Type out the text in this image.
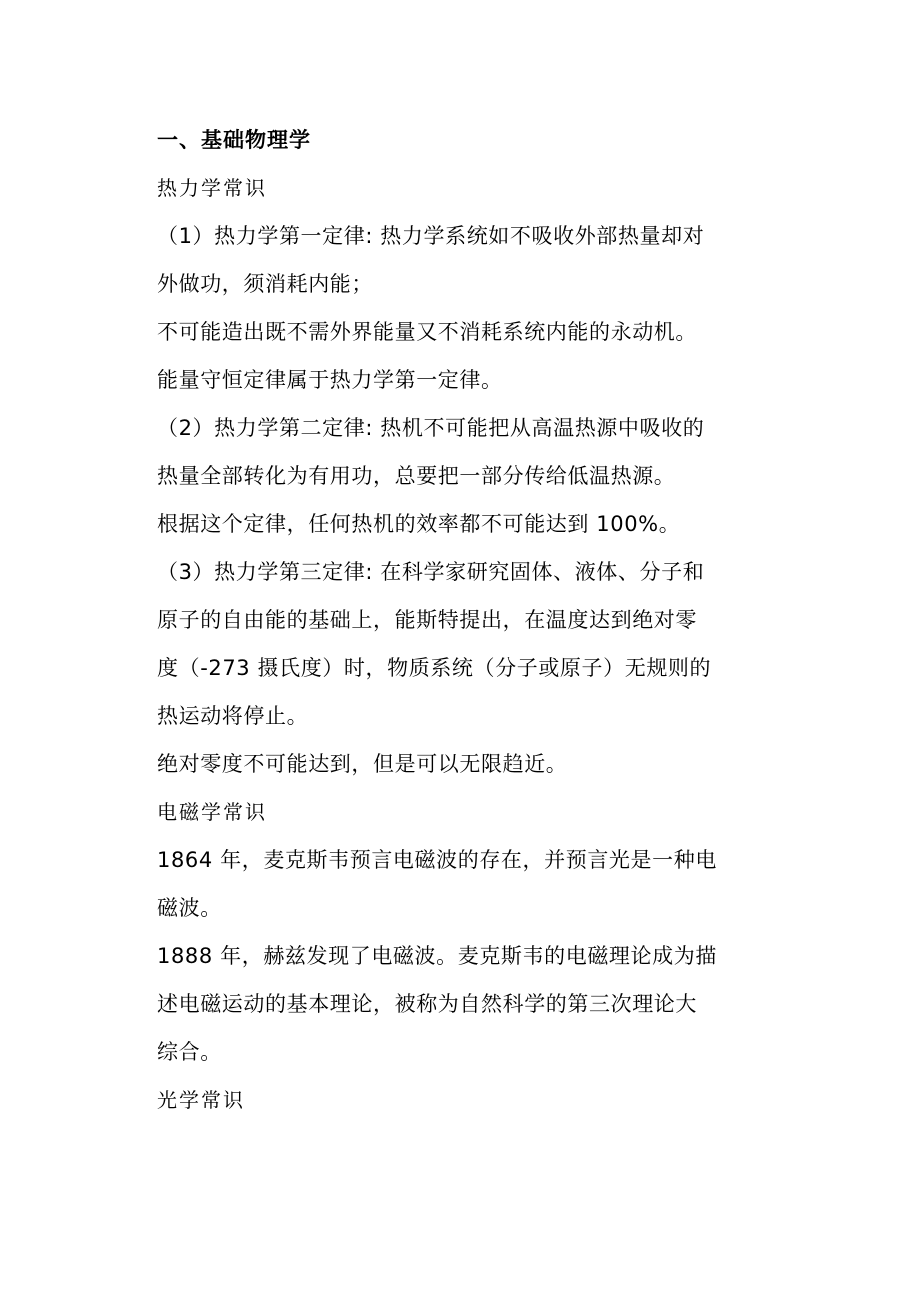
一、基础物理学
热力学常识

（1）热力学第一定律: 热力学系统如不吸收外部热量却对
外做功，须消耗内能；

不可能造出既不需外界能量又不消耗系统内能的永动机。

能量守恒定律属于热力学第一定律。

（2）热力学第二定律: 热机不可能把从高温热源中吸收的
热量全部转化为有用功，总要把一部分传给低温热源。

根据这个定律，任何热机的效率都不可能达到 100%。

（3）热力学第三定律: 在科学家研究固体、液体、分子和
原子的自由能的基础上，能斯特提出，在温度达到绝对零
度（-273 摄氏度）时，物质系统（分子或原子）无规则的
热运动将停止。

绝对零度不可能达到，但是可以无限趋近。

电磁学常识

1864 年，麦克斯韦预言电磁波的存在，并预言光是一种电
磁波。

1888 年，赫兹发现了电磁波。麦克斯韦的电磁理论成为描
述电磁运动的基本理论，被称为自然科学的第三次理论大
综合。

光学常识
